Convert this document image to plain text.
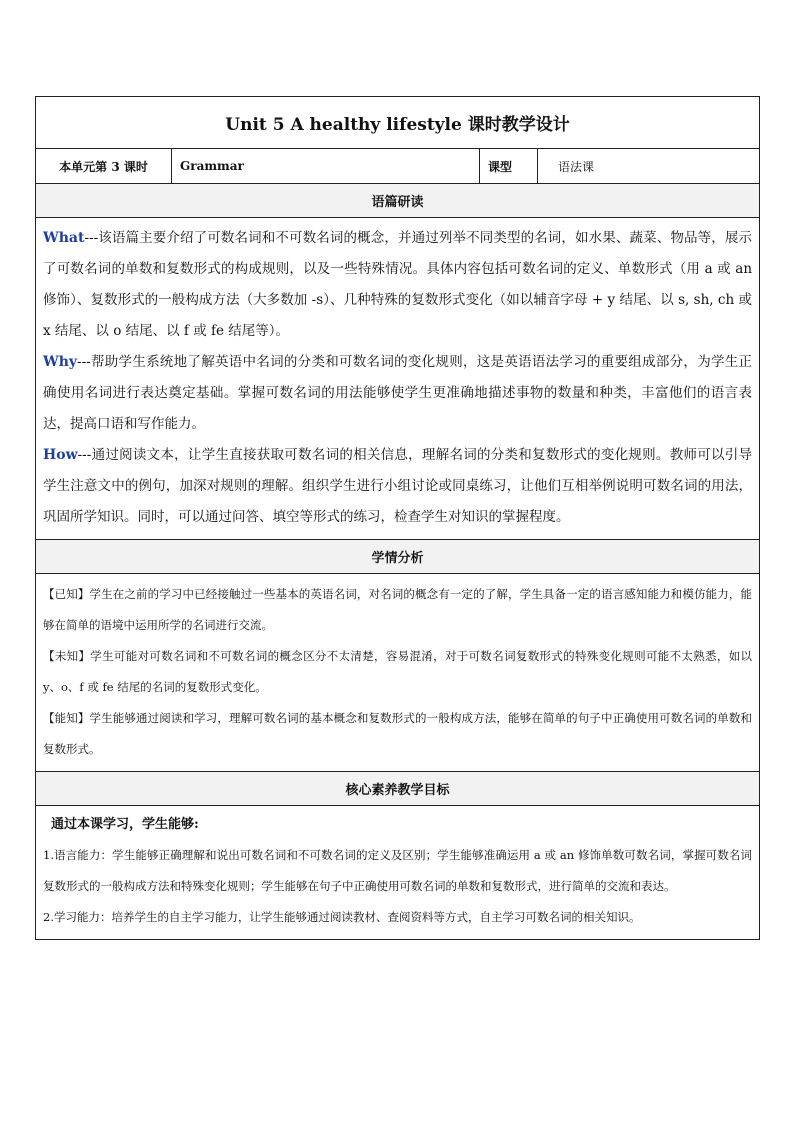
Unit 5 A healthy lifestyle 课时教学设计
本单元第 3 课时	Grammar	课型	语法课
语篇研读

What---该语篇主要介绍了可数名词和不可数名词的概念，并通过列举不同类型的名词，如水果、蔬菜、物品等，展示了可数名词的单数和复数形式的构成规则，以及一些特殊情况。具体内容包括可数名词的定义、单数形式（用 a 或 an 修饰）、复数形式的一般构成方法（大多数加 -s）、几种特殊的复数形式变化（如以辅音字母 + y 结尾、以 s, sh, ch 或 x 结尾、以 o 结尾、以 f 或 fe 结尾等）。

Why---帮助学生系统地了解英语中名词的分类和可数名词的变化规则，这是英语语法学习的重要组成部分，为学生正确使用名词进行表达奠定基础。掌握可数名词的用法能够使学生更准确地描述事物的数量和种类，丰富他们的语言表达，提高口语和写作能力。

How---通过阅读文本，让学生直接获取可数名词的相关信息，理解名词的分类和复数形式的变化规则。教师可以引导学生注意文中的例句，加深对规则的理解。组织学生进行小组讨论或同桌练习，让他们互相举例说明可数名词的用法，巩固所学知识。同时，可以通过问答、填空等形式的练习，检查学生对知识的掌握程度。

学情分析

【已知】学生在之前的学习中已经接触过一些基本的英语名词，对名词的概念有一定的了解，学生具备一定的语言感知能力和模仿能力，能够在简单的语境中运用所学的名词进行交流。

【未知】学生可能对可数名词和不可数名词的概念区分不太清楚，容易混淆，对于可数名词复数形式的特殊变化规则可能不太熟悉，如以 y、o、f 或 fe 结尾的名词的复数形式变化。

【能知】学生能够通过阅读和学习，理解可数名词的基本概念和复数形式的一般构成方法，能够在简单的句子中正确使用可数名词的单数和复数形式。

核心素养教学目标

通过本课学习，学生能够:

1.语言能力：学生能够正确理解和说出可数名词和不可数名词的定义及区别；学生能够准确运用 a 或 an 修饰单数可数名词，掌握可数名词复数形式的一般构成方法和特殊变化规则；学生能够在句子中正确使用可数名词的单数和复数形式，进行简单的交流和表达。

2.学习能力：培养学生的自主学习能力，让学生能够通过阅读教材、查阅资料等方式，自主学习可数名词的相关知识。
